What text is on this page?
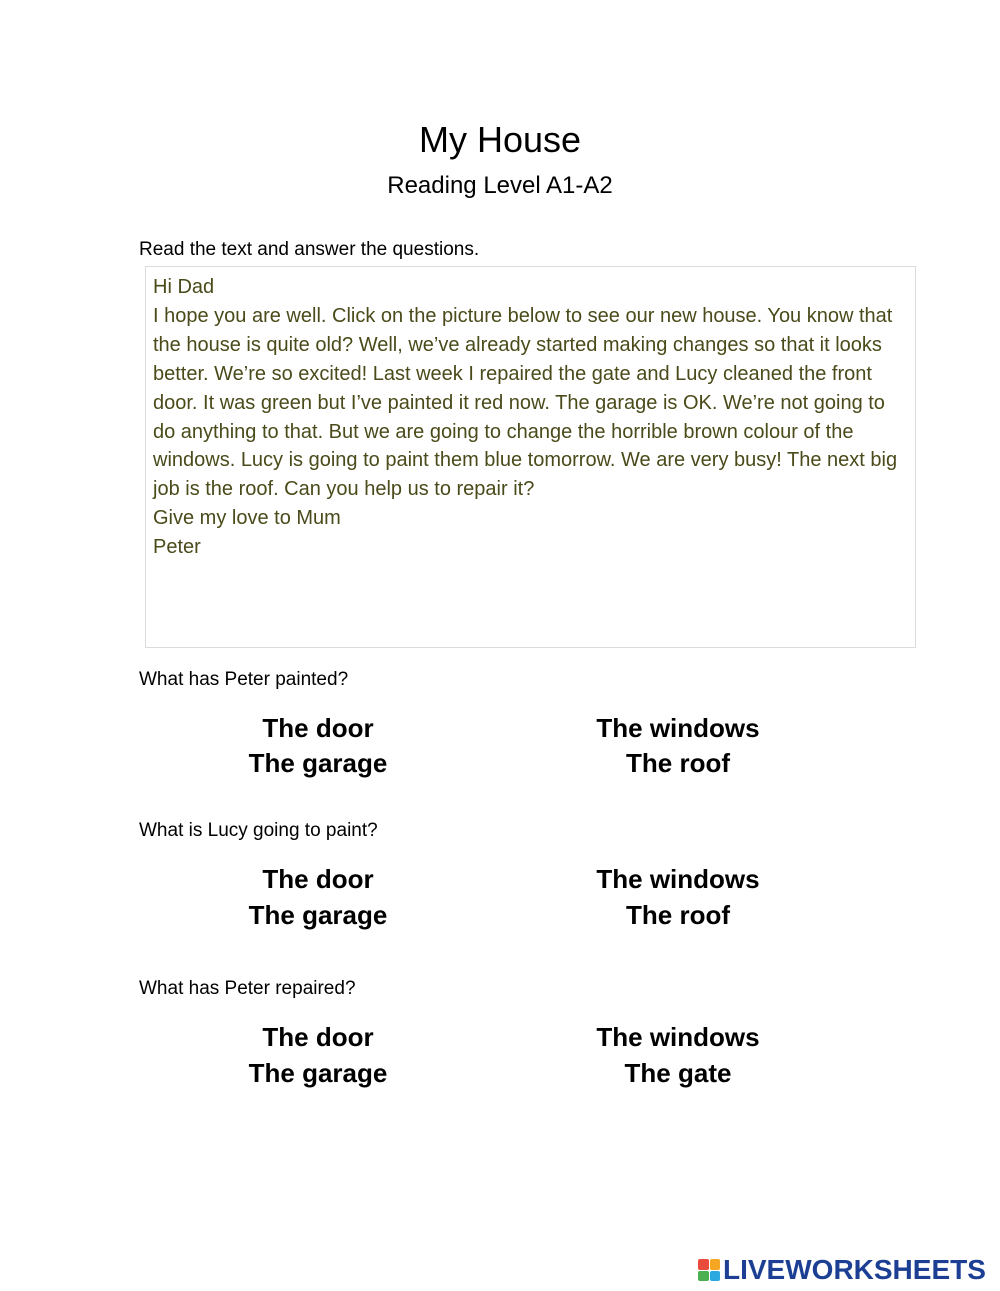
My House
Reading Level A1-A2
Read the text and answer the questions.
Hi Dad
I hope you are well. Click on the picture below to see our new house. You know that the house is quite old? Well, we’ve already started making changes so that it looks better. We’re so excited! Last week I repaired the gate and Lucy cleaned the front door. It was green but I’ve painted it red now. The garage is OK. We’re not going to do anything to that. But we are going to change the horrible brown colour of the windows. Lucy is going to paint them blue tomorrow. We are very busy! The next big job is the roof. Can you help us to repair it?
Give my love to Mum
Peter
What has Peter painted?
The door	The windows
The garage	The roof
What is Lucy going to paint?
The door	The windows
The garage	The roof
What has Peter repaired?
The door	The windows
The garage	The gate
LIVEWORKSHEETS
